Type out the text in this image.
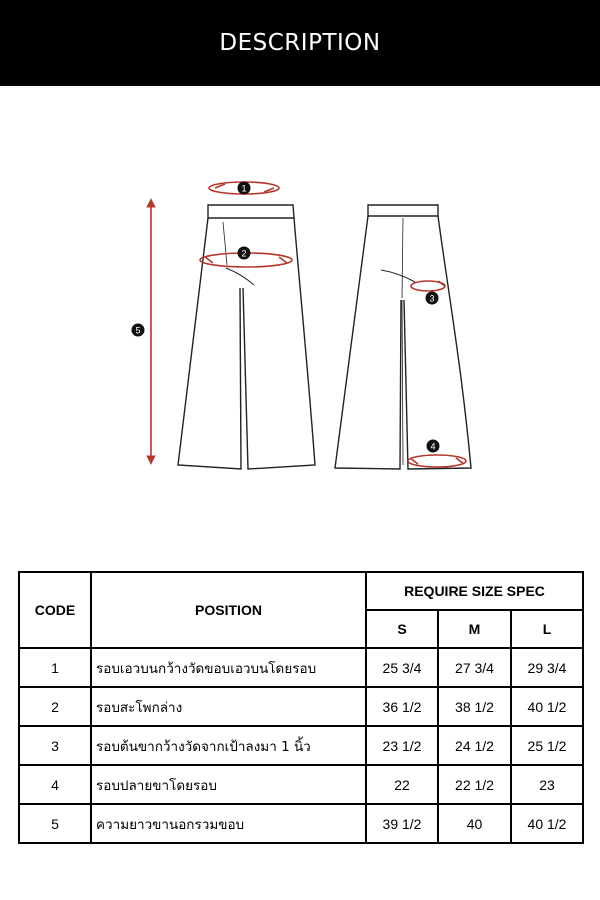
DESCRIPTION
1
2
5
3
4
CODE	POSITION	REQUIRE SIZE SPEC		
		S	M	L
1	รอบเอวบนกว้างวัดขอบเอวบนโดยรอบ	25 3/4	27 3/4	29 3/4
2	รอบสะโพกล่าง	36 1/2	38 1/2	40 1/2
3	รอบต้นขากว้างวัดจากเป้าลงมา 1 นิ้ว	23 1/2	24 1/2	25 1/2
4	รอบปลายขาโดยรอบ	22	22 1/2	23
5	ความยาวขานอกรวมขอบ	39 1/2	40	40 1/2
